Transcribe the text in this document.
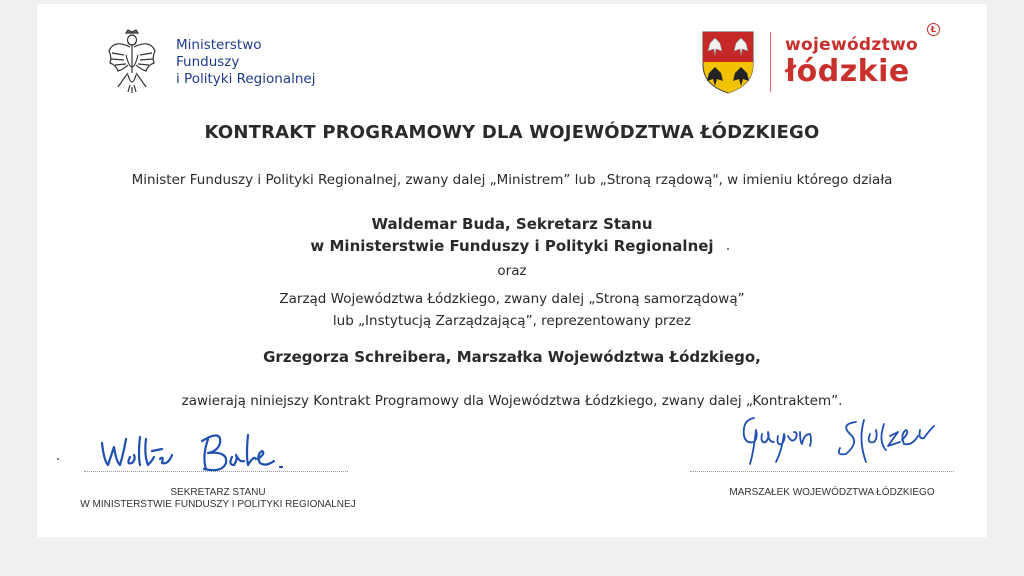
Ministerstwo
Funduszy
i Polityki Regionalnej
województwo
łódzkie
Ł
KONTRAKT PROGRAMOWY DLA WOJEWÓDZTWA ŁÓDZKIEGO
Minister Funduszy i Polityki Regionalnej, zwany dalej „Ministrem” lub „Stroną rządową", w imieniu którego działa
Waldemar Buda, Sekretarz Stanu
w Ministerstwie Funduszy i Polityki Regionalnej
oraz
Zarząd Województwa Łódzkiego, zwany dalej „Stroną samorządową”
lub „Instytucją Zarządzającą”, reprezentowany przez
Grzegorza Schreibera, Marszałka Województwa Łódzkiego,
zawierają niniejszy Kontrakt Programowy dla Województwa Łódzkiego, zwany dalej „Kontraktem”.
SEKRETARZ STANU
W MINISTERSTWIE FUNDUSZY I POLITYKI REGIONALNEJ
MARSZAŁEK WOJEWÓDZTWA ŁÓDZKIEGO
